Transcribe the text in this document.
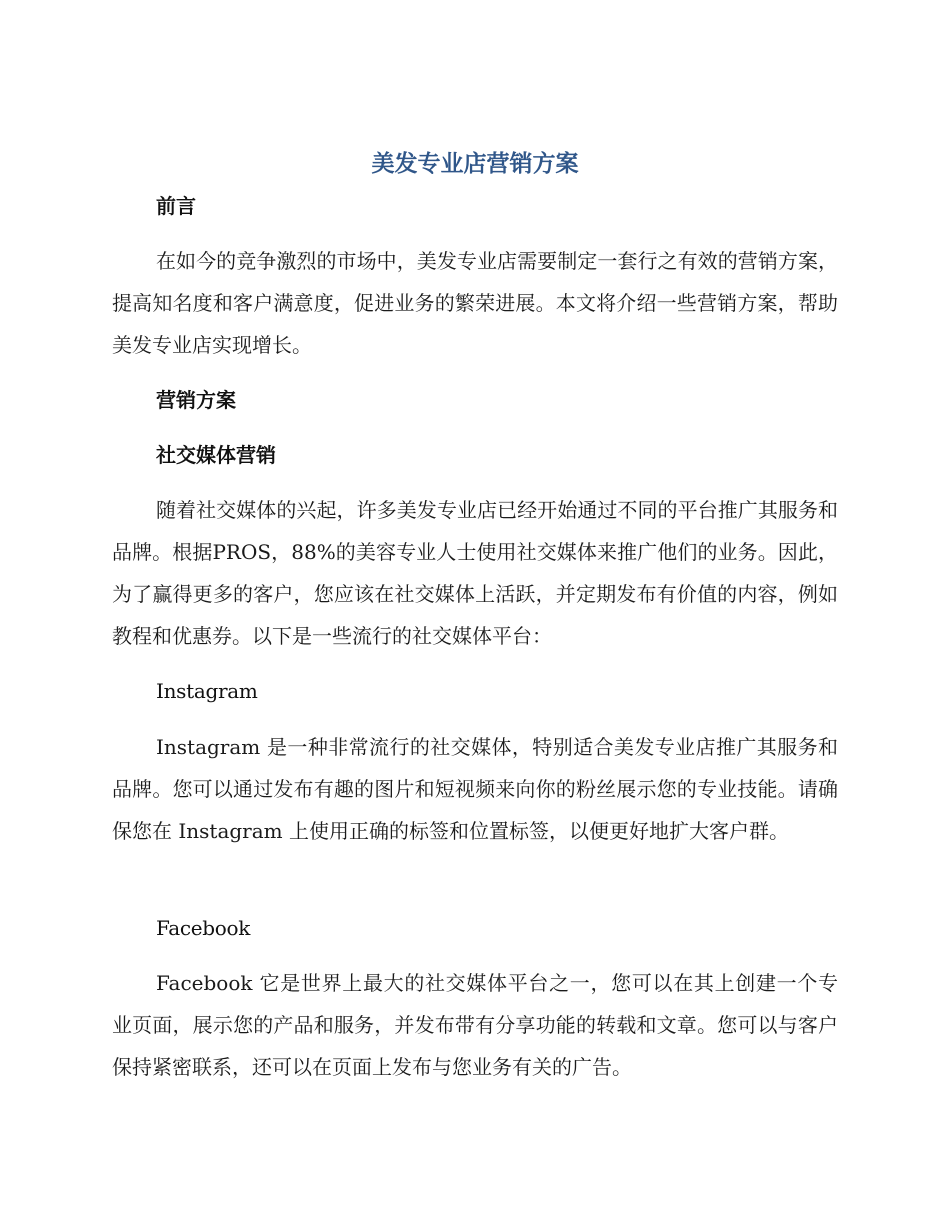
美发专业店营销方案
前言
在如今的竞争激烈的市场中，美发专业店需要制定一套行之有效的营销方案，提高知名度和客户满意度，促进业务的繁荣进展。本文将介绍一些营销方案，帮助美发专业店实现增长。
营销方案
社交媒体营销
随着社交媒体的兴起，许多美发专业店已经开始通过不同的平台推广其服务和品牌。根据PROS，88%的美容专业人士使用社交媒体来推广他们的业务。因此，为了赢得更多的客户，您应该在社交媒体上活跃，并定期发布有价值的内容，例如教程和优惠券。以下是一些流行的社交媒体平台：
Instagram
Instagram 是一种非常流行的社交媒体，特别适合美发专业店推广其服务和品牌。您可以通过发布有趣的图片和短视频来向你的粉丝展示您的专业技能。请确保您在 Instagram 上使用正确的标签和位置标签，以便更好地扩大客户群。
Facebook
Facebook 它是世界上最大的社交媒体平台之一，您可以在其上创建一个专业页面，展示您的产品和服务，并发布带有分享功能的转载和文章。您可以与客户保持紧密联系，还可以在页面上发布与您业务有关的广告。
